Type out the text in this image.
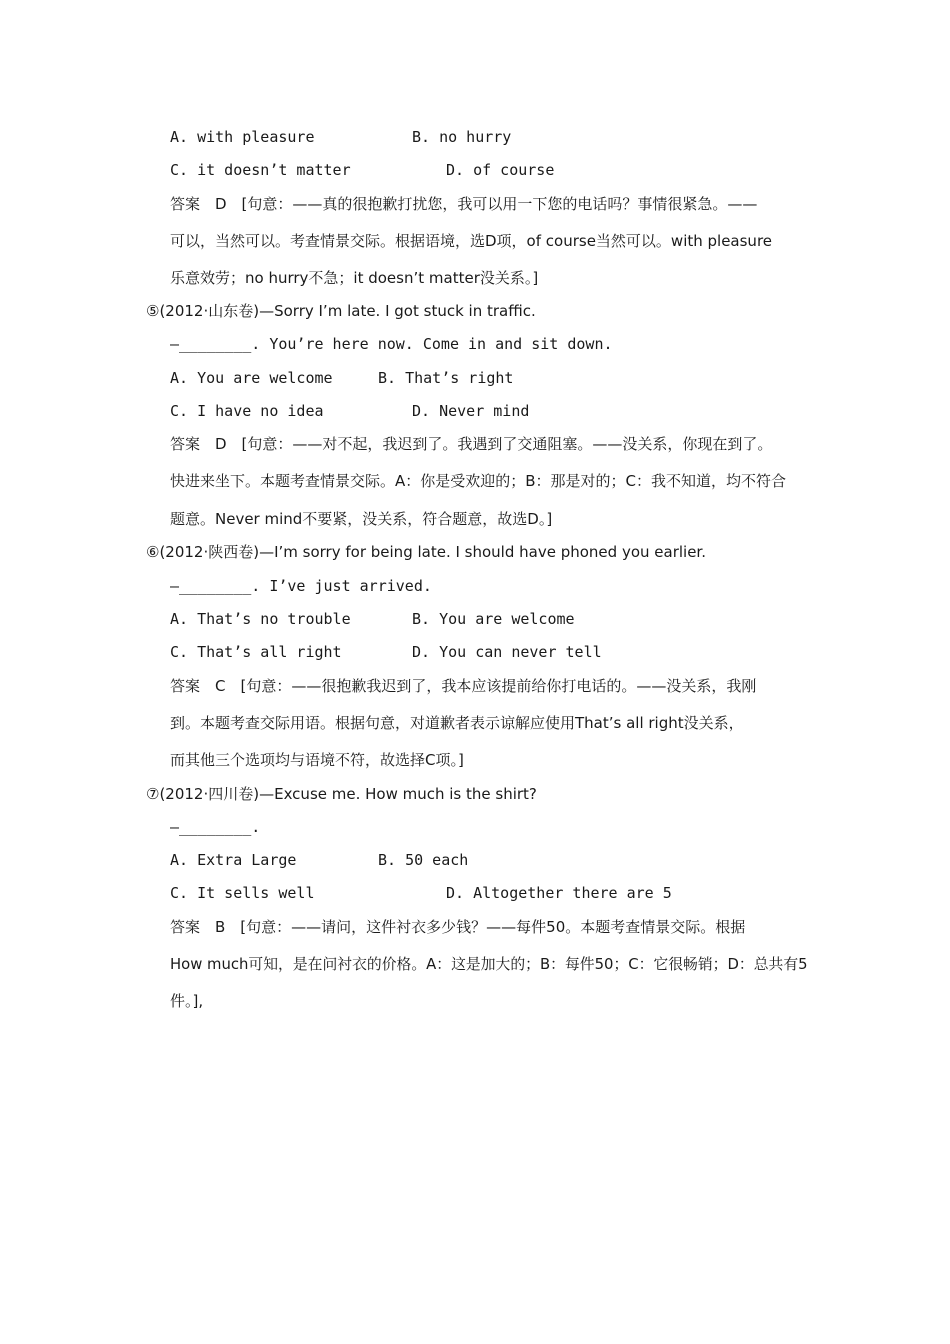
A. with pleasure	B. no hurry
C. it doesn’t matter	D. of course
答案　D　[句意：——真的很抱歉打扰您，我可以用一下您的电话吗？事情很紧急。——
可以，当然可以。考查情景交际。根据语境，选D项，of course当然可以。with pleasure
乐意效劳；no hurry不急；it doesn’t matter没关系。]
⑤(2012·山东卷)—Sorry I’m late. I got stuck in traffic.
—________. You’re here now. Come in and sit down.
A. You are welcome	B. That’s right
C. I have no idea	D. Never mind
答案　D　[句意：——对不起，我迟到了。我遇到了交通阻塞。——没关系，你现在到了。
快进来坐下。本题考查情景交际。A：你是受欢迎的；B：那是对的；C：我不知道，均不符合
题意。Never mind不要紧，没关系，符合题意，故选D。]
⑥(2012·陕西卷)—I’m sorry for being late. I should have phoned you earlier.
—________. I’ve just arrived.
A. That’s no trouble	B. You are welcome
C. That’s all right	D. You can never tell
答案　C　[句意：——很抱歉我迟到了，我本应该提前给你打电话的。——没关系，我刚
到。本题考查交际用语。根据句意，对道歉者表示谅解应使用That’s all right没关系，
而其他三个选项均与语境不符，故选择C项。]
⑦(2012·四川卷)—Excuse me. How much is the shirt?
—________.
A. Extra Large	B. 50 each
C. It sells well	D. Altogether there are 5
答案　B　[句意：——请问，这件衬衣多少钱？——每件50。本题考查情景交际。根据
How much可知，是在问衬衣的价格。A：这是加大的；B：每件50；C：它很畅销；D：总共有5
件。],
